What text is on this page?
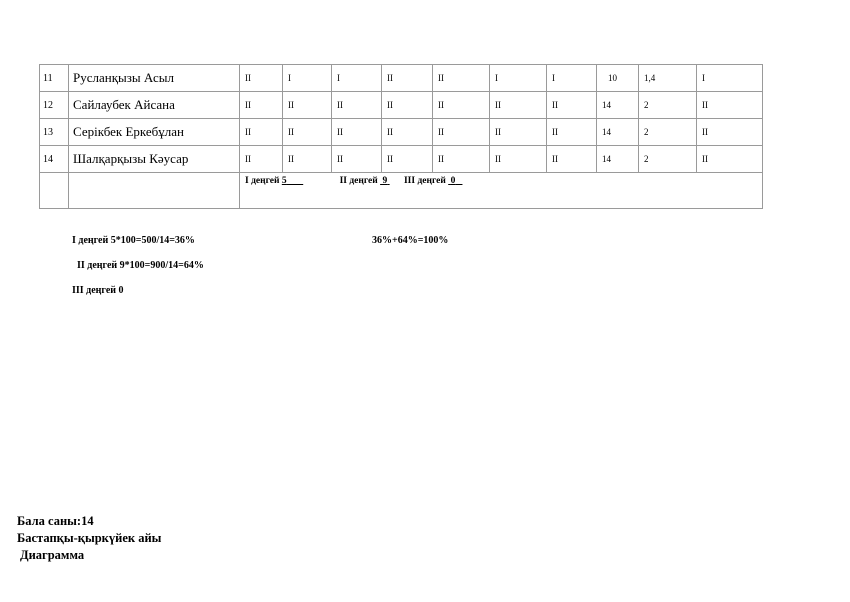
11	Русланқызы Асыл	II	I	I	II	II	I	I	10	1,4	I
12	Сайлаубек Айсана	II	II	II	II	II	II	II	14	2	II
13	Серікбек Еркебұлан	II	II	II	II	II	II	II	14	2	II
14	Шалқарқызы Кәусар	II	II	II	II	II	II	II	14	2	II
		I деңгей 5 II деңгей 9 III деңгей 0									
I деңгей 5*100=500/14=36%	36%+64%=100%
II деңгей 9*100=900/14=64%
III деңгей 0
Бала саны:14
Бастапқы-қыркүйек айы
Диаграмма
